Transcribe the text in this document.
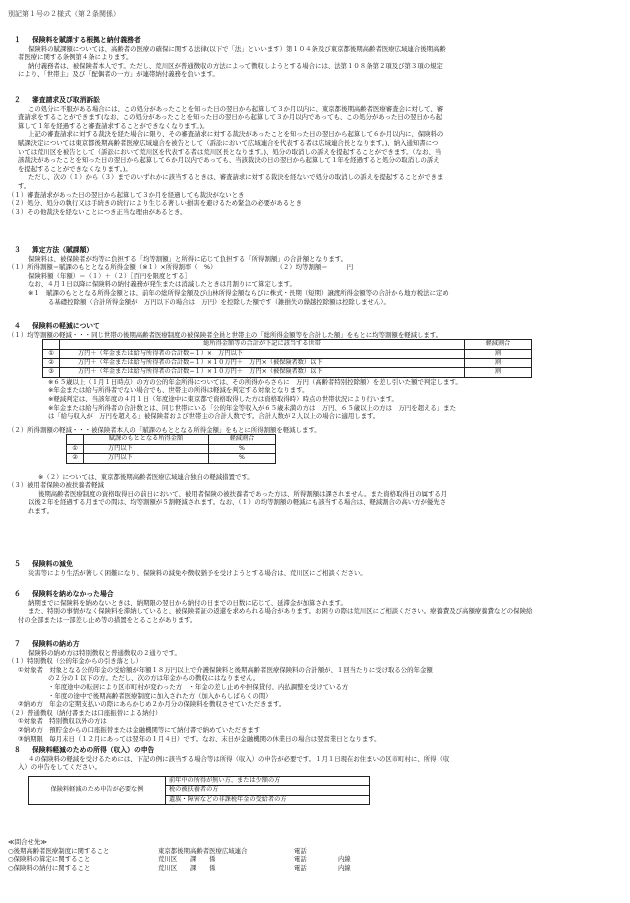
別記第１号の２様式（第２条関係）
１ 保険料を賦課する根拠と納付義務者

保険料の賦課額については、高齢者の医療の確保に関する法律(以下で「法」といいます）第１０４条及び東京都後期高齢者医療広域連合後期高齢

者医療に関する条例第４条によります。

納付義務者は、被保険者本人です。ただし、荒川区が普通徴収の方法によって徴収しようとする場合には、法第１０８条第２項及び第３項の規定

により、「世帯主」及び「配偶者の一方」が連帯納付義務を負います。

２ 審査請求及び取消訴訟

この処分に不服がある場合には、この処分があったことを知った日の翌日から起算して３か月以内に、東京都後期高齢者医療審査会に対して、審

査請求をすることができます(なお、この処分があったことを知った日の翌日から起算して３か月以内であっても、この処分があった日の翌日から起

算して１年を経過すると審査請求することができなくなります。)。

上記の審査請求に対する裁決を経た場合に限り、その審査請求に対する裁決があったことを知った日の翌日から起算して６か月以内に、保険料の

賦課決定については東京都後期高齢者医療広域連合を被告として（訴訟において広域連合を代表する者は広域連合長となります。)、納入通知書につ

いては荒川区を被告として（訴訟において荒川区を代表する者は荒川区長となります。)、処分の取消しの訴えを提起することができます。（なお、当

該裁決があったことを知った日の翌日から起算して６か月以内であっても、当該裁決の日の翌日から起算して１年を経過すると処分の取消しの訴え

を提起することができなくなります。)。

ただし、次の（１）から（３）までのいずれかに該当するときは、審査請求に対する裁決を経ないで処分の取消しの訴えを提起することができま

す。

（１）審査請求があった日の翌日から起算して３か月を経過しても裁決がないとき

（２）処分、処分の執行又は手続きの続行により生じる著しい損害を避けるため緊急の必要があるとき

（３）その他裁決を経ないことにつき正当な理由があるとき。

３ 算定方法（賦課額）

保険料は、被保険者が均等に負担する「均等割額」と所得に応じて負担する「所得割額」の合計額となります。

（１）所得割額＝賦課のもととなる所得金額（※１）×所得割率（　%）	（２）均等割額＝　　　円

保険料額（年額）＝（１）＋（２）［百円を限度とする］

なお、４月１日以降に保険料の納付義務が発生または消滅したときは月割りにて算定します。

※１　賦課のもととなる所得金額とは、前年の総所得金額及び山林所得金額ならびに株式・長期（短期）譲渡所得金額等の合計から地方税法に定め

る基礎控除額（合計所得金額が　万円以下の場合は　万円）を控除した額です（雑損失の繰越控除額は控除しません）。

４ 保険料の軽減について

（１）均等割額の軽減・・・同じ世帯の後期高齢者医療制度の被保険者全員と世帯主の「総所得金額等を合計した額」をもとに均等割額を軽減します。

	総所得金額等の合計が下記に該当する世帯	軽減割合
①	万円＋（年金または給与所得者の合計数−１）×　万円以下	割
②	万円＋（年金または給与所得者の合計数−１）×１０万円＋　万円×（被保険者数）以下	割
③	万円＋（年金または給与所得者の合計数−１）×１０万円＋　万円×（被保険者数）以下	割

※６５歳以上（１月１日時点）の方の公的年金所得については、その所得からさらに　万円（高齢者特別控除額）を差し引いた額で判定します。

※年金または給与所得者でない場合でも、世帯主の所得は軽減を判定する対象となります。

※軽減判定は、当該年度の４月１日（年度途中に東京都で資格取得した方は資格取得時）時点の世帯状況により行います。

※年金または給与所得者の合計数とは、同じ世帯にいる「公的年金等収入が６５歳未満の方は　万円、６５歳以上の方は　万円を超える」また

は「給与収入が　万円を超える」被保険者および世帯主の合計人数です。合計人数が２人以上の場合に適用します。

（２）所得割額の軽減・・・被保険者本人の「賦課のもととなる所得金額」をもとに所得割額を軽減します。

	賦課のもととなる所得金額	軽減割合
①	万円以下	%
②	万円以下	%

※（２）については、東京都後期高齢者医療広域連合独自の軽減措置です。

（３）被用者保険の被扶養者軽減

後期高齢者医療制度の資格取得日の前日において、被用者保険の被扶養者であった方は、所得割額は課されません。また資格取得日の属する月

以後２年を経過する月までの間は、均等割額が５割軽減されます。なお、（１）の均等割額の軽減にも該当する場合は、軽減割合の高い方が優先さ

れます。

５ 保険料の減免

災害等により生活が著しく困難になり、保険料の減免や徴収猶予を受けようとする場合は、荒川区にご相談ください。

６ 保険料を納めなかった場合

納期までに保険料を納めないときは、納期限の翌日から納付の日までの日数に応じて、延滞金が加算されます。

また、特別の事情がなく保険料を滞納していると、被保険者証の返還を求められる場合があります。お困りの際は荒川区にご相談ください。療養費及び高額療養費などの保険給

付の全部または一部差し止め等の措置をとることがあります。

７ 保険料の納め方

保険料の納め方は特別徴収と普通徴収の２通りです。

（１）特別徴収（公的年金からの引き落とし）

①対象者　対象となる公的年金の受給額が年額１８万円以上で介護保険料と後期高齢者医療保険料の合計額が、１回当たりに受け取る公的年金額

の２分の１以下の方。ただし、次の方は年金からの徴収にはなりません。

・年度途中の転居により区市町村が変わった方　・年金の差し止めや担保貸付、内払調整を受けている方

・年度の途中で後期高齢者医療制度に加入された方（加入からしばらくの間）

②納め方　年金の定期支払いの際にあらかじめ２か月分の保険料を徴収させていただきます。

（２）普通徴収（納付書または口座振替による納付）

①対象者　特別徴収以外の方は

②納め方　預貯金からの口座振替または金融機関等にて納付書で納めていただきます

③納期限　毎月末日（１２月にあっては翌年の１月４日）です。なお、末日が金融機関の休業日の場合は翌営業日となります。

８ 保険料軽減のための所得（収入）の申告

４の保険料の軽減を受けるためには、下記の例に該当する場合等は所得（収入）の申告が必要です。１月１日現在お住まいの区市町村に、所得（収

入）の申告をしてください。

保険料軽減のため申告が必要な例	前年中の所得が無い方、または少額の方
税の被扶養者の方
遺族・障害などの非課税年金の受給者の方

≪問合せ先≫

○後期高齢者医療制度に関すること	東京都後期高齢者医療広域連合	電話
○保険料の算定に関すること	荒川区　　課　　係	電話	内線
○保険料の納付に関すること	荒川区　　課　　係	電話	内線
